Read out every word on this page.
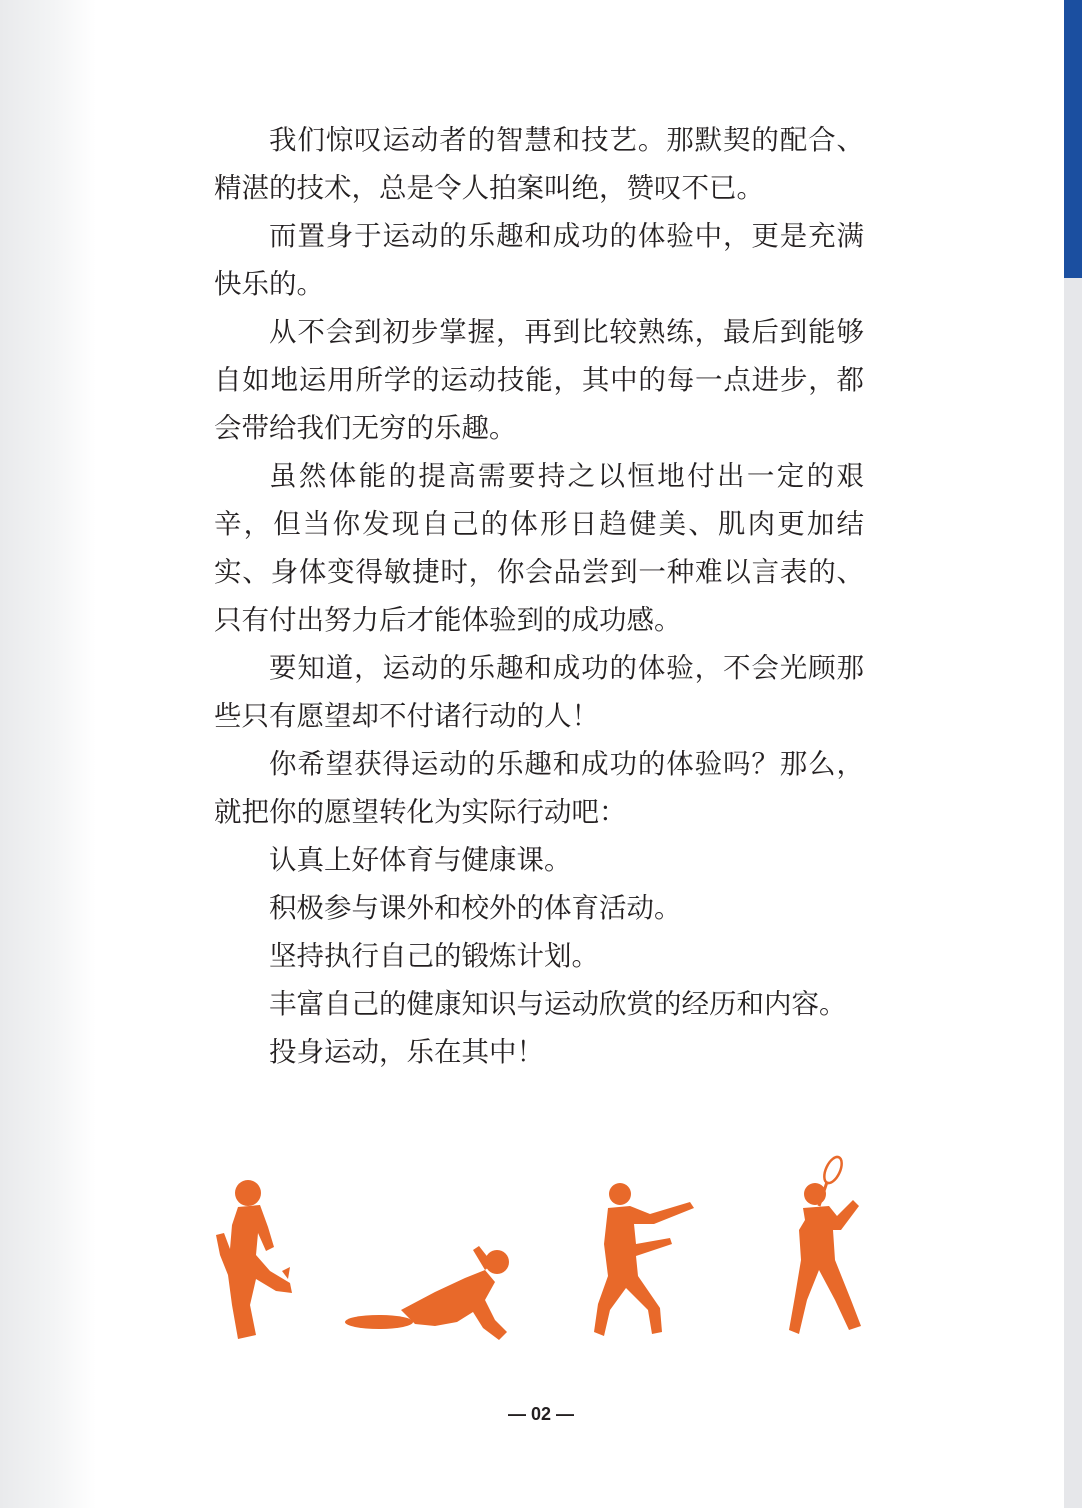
我们惊叹运动者的智慧和技艺。那默契的配合、精湛的技术，总是令人拍案叫绝，赞叹不已。

而置身于运动的乐趣和成功的体验中，更是充满快乐的。

从不会到初步掌握，再到比较熟练，最后到能够自如地运用所学的运动技能，其中的每一点进步，都会带给我们无穷的乐趣。

虽然体能的提高需要持之以恒地付出一定的艰辛，但当你发现自己的体形日趋健美、肌肉更加结实、身体变得敏捷时，你会品尝到一种难以言表的、只有付出努力后才能体验到的成功感。

要知道，运动的乐趣和成功的体验，不会光顾那些只有愿望却不付诸行动的人！

你希望获得运动的乐趣和成功的体验吗？那么，就把你的愿望转化为实际行动吧：

认真上好体育与健康课。

积极参与课外和校外的体育活动。

坚持执行自己的锻炼计划。

丰富自己的健康知识与运动欣赏的经历和内容。

投身运动，乐在其中！

— 02 —
